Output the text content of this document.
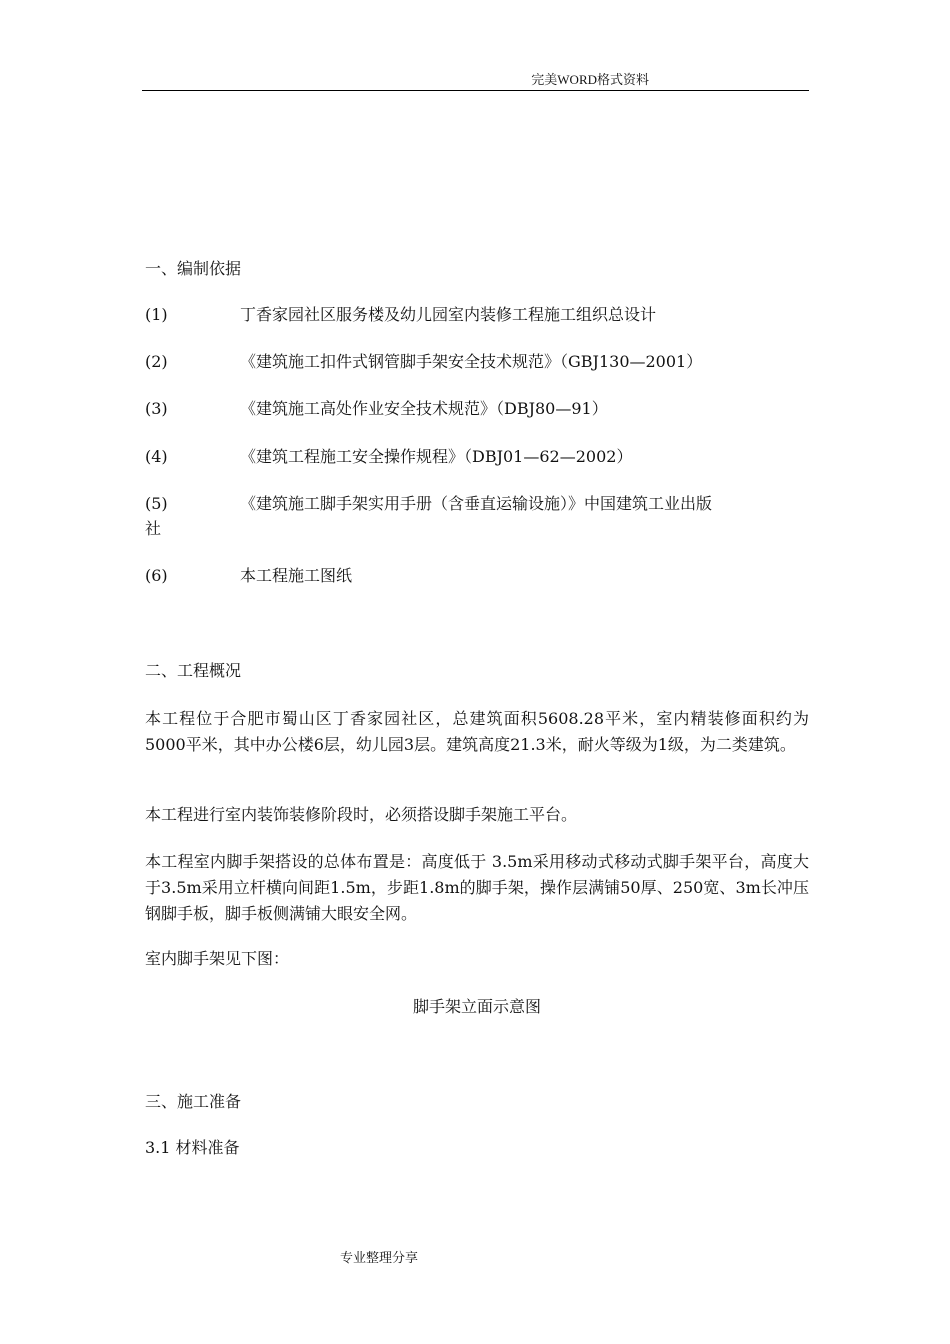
完美WORD格式资料
一、编制依据
(1)	丁香家园社区服务楼及幼儿园室内装修工程施工组织总设计
(2)	《建筑施工扣件式钢管脚手架安全技术规范》（GBJ130—2001）
(3)	《建筑施工高处作业安全技术规范》（DBJ80—91）
(4)	《建筑工程施工安全操作规程》（DBJ01—62—2002）
(5)	《建筑施工脚手架实用手册（含垂直运输设施）》中国建筑工业出版
社
(6)	本工程施工图纸
二、工程概况
本工程位于合肥市蜀山区丁香家园社区，总建筑面积5608.28平米，室内精装修面积约为5000平米，其中办公楼6层，幼儿园3层。建筑高度21.3米，耐火等级为1级，为二类建筑。
本工程进行室内装饰装修阶段时，必须搭设脚手架施工平台。
本工程室内脚手架搭设的总体布置是：高度低于 3.5m采用移动式移动式脚手架平台，高度大于3.5m采用立杆横向间距1.5m，步距1.8m的脚手架，操作层满铺50厚、250宽、3m长冲压钢脚手板，脚手板侧满铺大眼安全网。
室内脚手架见下图：
脚手架立面示意图
三、施工准备
3.1 材料准备
专业整理分享
